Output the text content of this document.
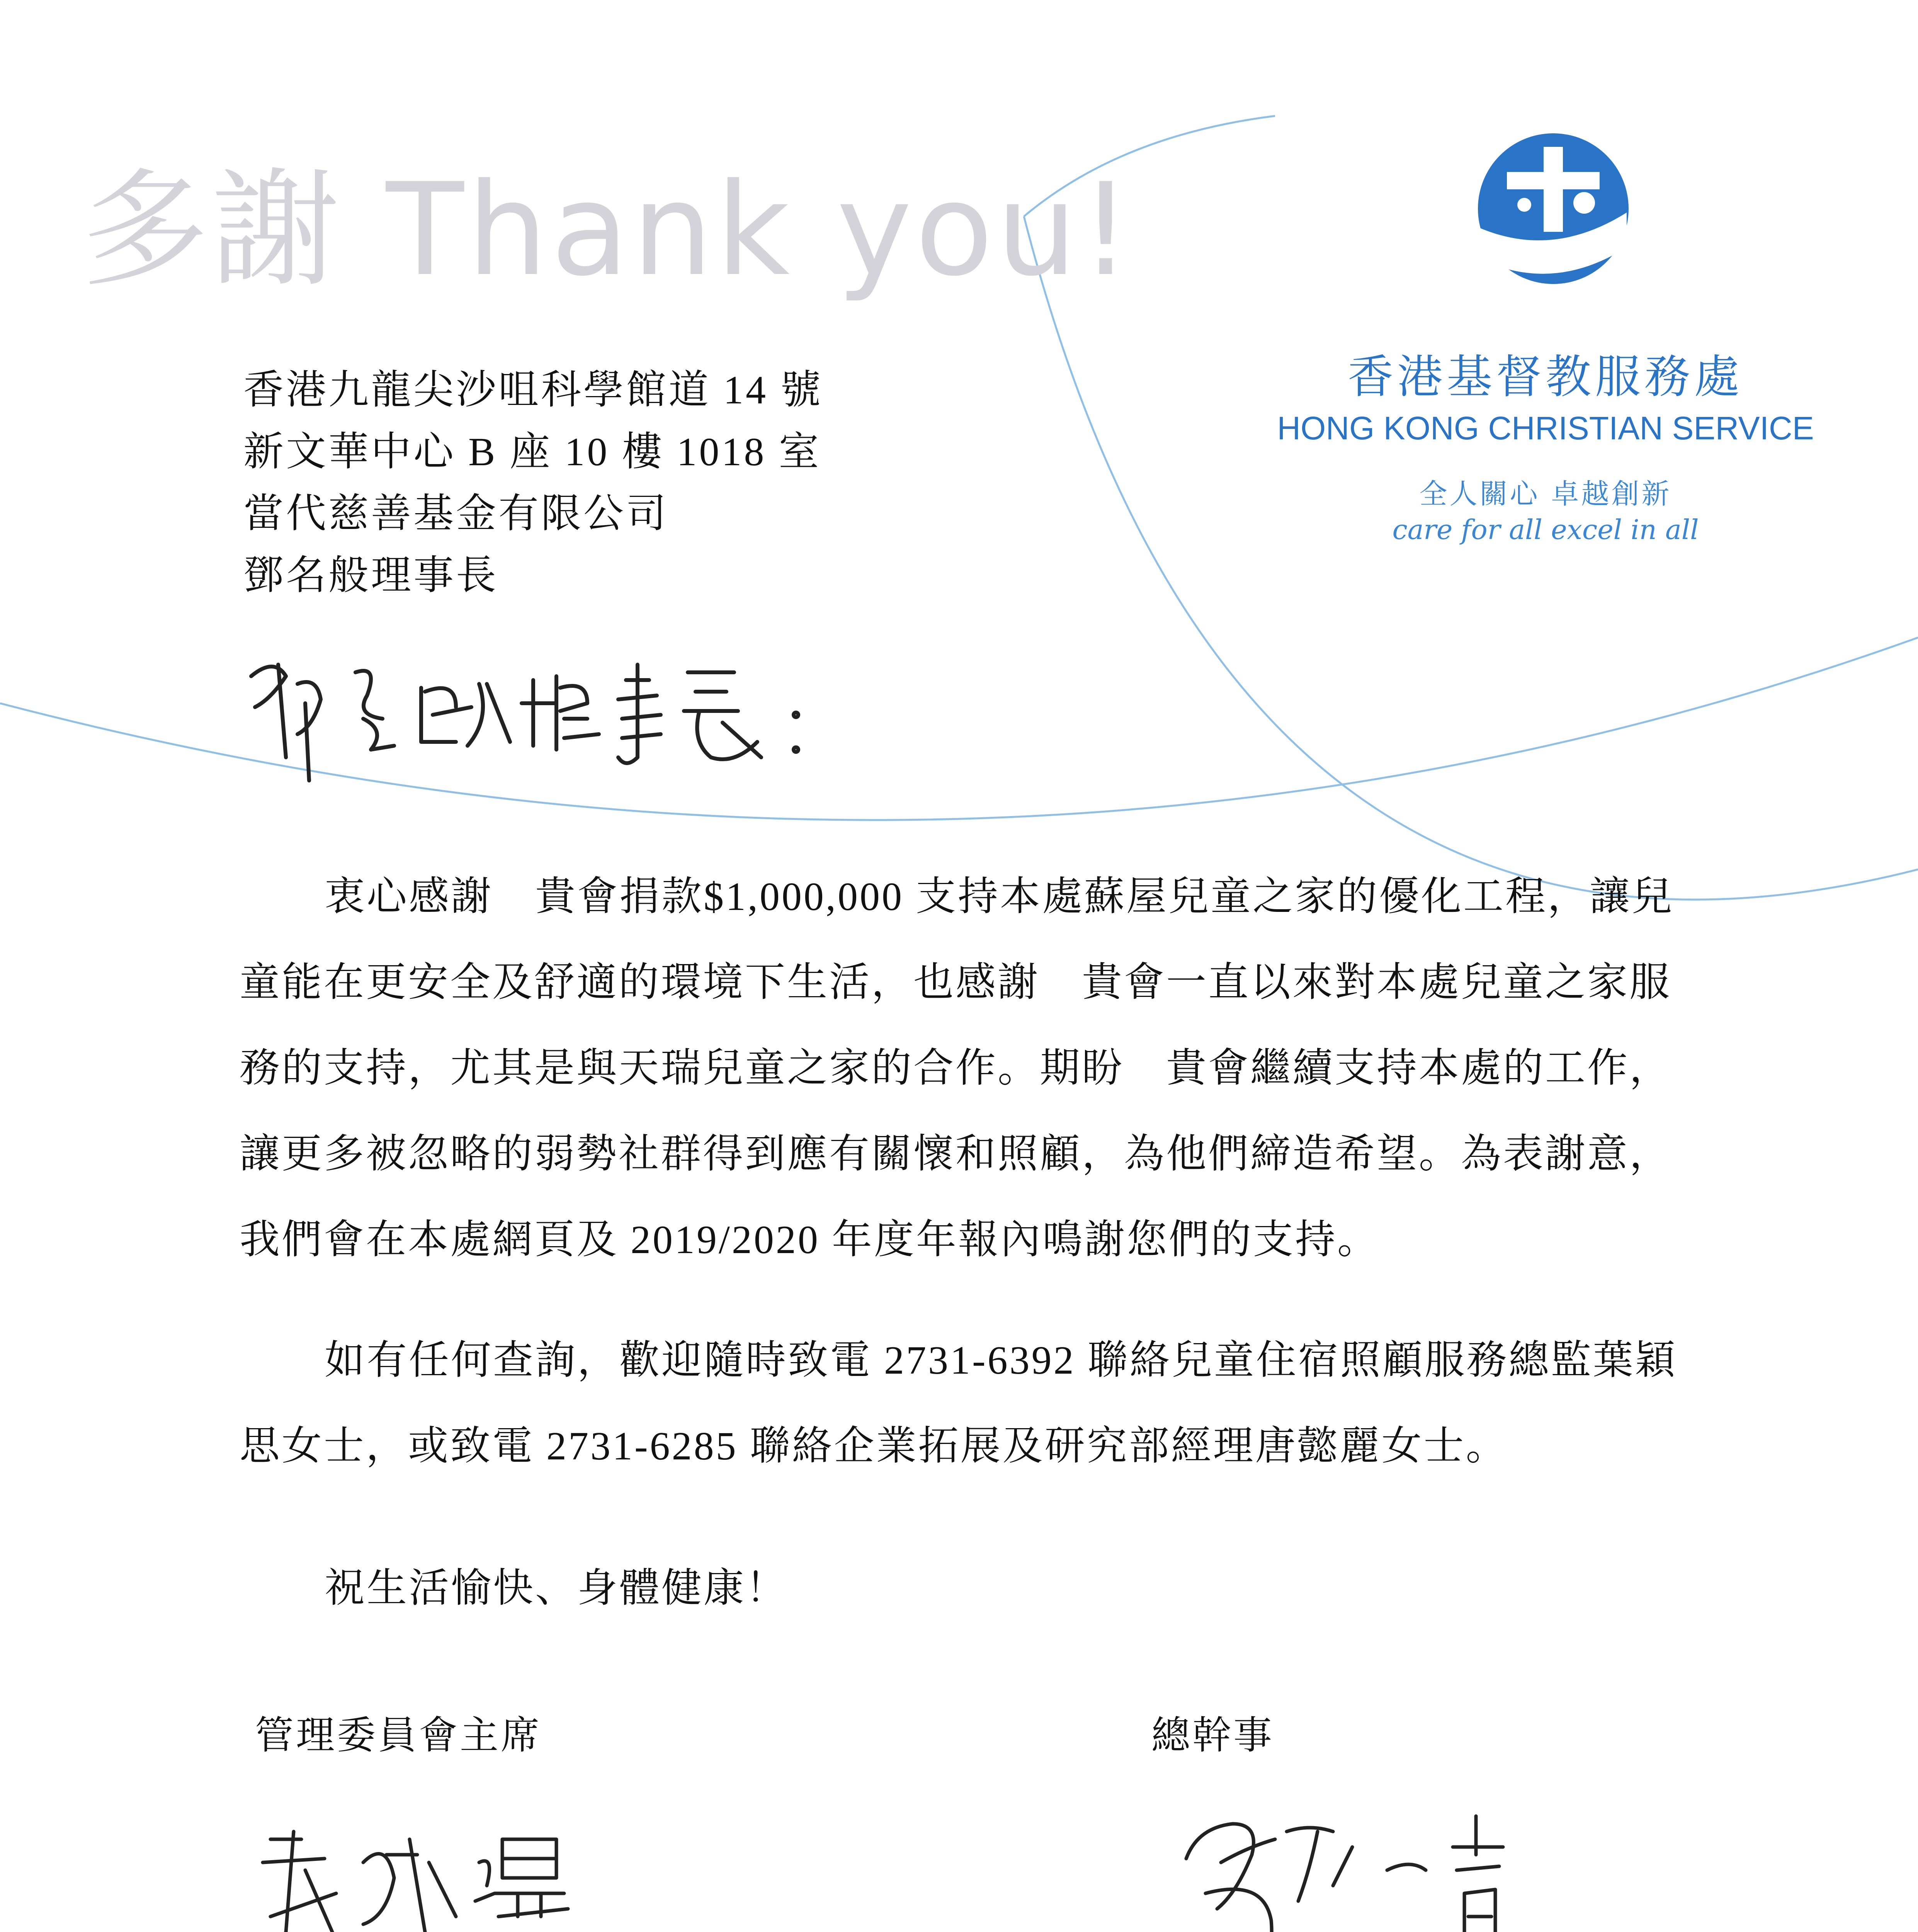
多謝 Thank you!
香港基督教服務處
HONG KONG CHRISTIAN SERVICE
全人關心 卓越創新
care for all excel in all
香港九龍尖沙咀科學館道 14 號
新文華中心 B 座 10 樓 1018 室
當代慈善基金有限公司
鄧名般理事長

衷心感謝　貴會捐款$1,000,000 支持本處蘇屋兒童之家的優化工程，讓兒童能在更安全及舒適的環境下生活，也感謝　貴會一直以來對本處兒童之家服務的支持，尤其是與天瑞兒童之家的合作。期盼　貴會繼續支持本處的工作，讓更多被忽略的弱勢社群得到應有關懷和照顧，為他們締造希望。為表謝意，我們會在本處網頁及 2019/2020 年度年報內鳴謝您們的支持。

如有任何查詢，歡迎隨時致電 2731-6392 聯絡兒童住宿照顧服務總監葉穎思女士，或致電 2731-6285 聯絡企業拓展及研究部經理唐懿麗女士。

祝生活愉快、身體健康！

管理委員會主席	總幹事
